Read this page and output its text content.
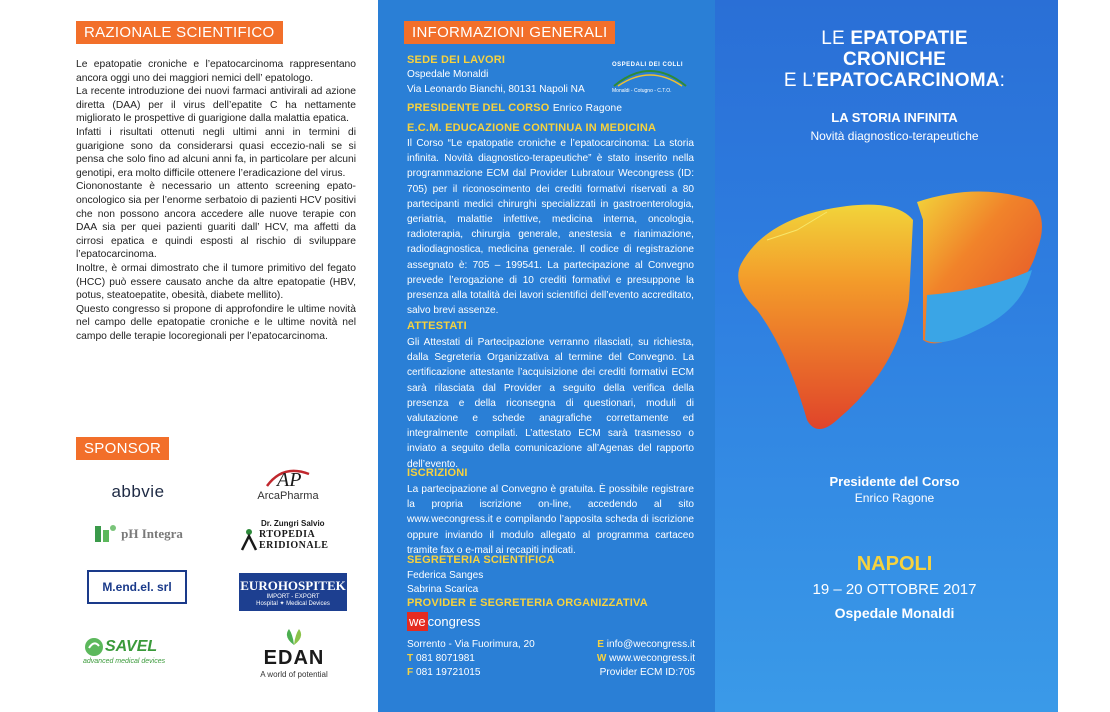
RAZIONALE SCIENTIFICO

Le epatopatie croniche e l’epatocarcinoma rappresentano ancora oggi uno dei maggiori nemici dell’ epatologo.

La recente introduzione dei nuovi farmaci antivirali ad azione diretta (DAA) per il virus dell’epatite C ha nettamente migliorato le prospettive di guarigione dalla malattia epatica.

Infatti i risultati ottenuti negli ultimi anni in termini di guarigione sono da considerarsi quasi eccezio-nali se si pensa che solo fino ad alcuni anni fa, in particolare per alcuni genotipi, era molto difficile ottenere l’eradicazione del virus.

Ciononostante è necessario un attento screening epato-oncologico sia per l’enorme serbatoio di pazienti HCV positivi che non possono ancora accedere alle nuove terapie con DAA sia per quei pazienti guariti dall’ HCV, ma affetti da cirrosi epatica e quindi esposti al rischio di sviluppare l’epatocarcinoma.

Inoltre, è ormai dimostrato che il tumore primitivo del fegato (HCC) può essere causato anche da altre epatopatie (HBV, potus, steatoepatite, obesità, diabete mellito).

Questo congresso si propone di approfondire le ultime novità nel campo delle epatopatie croniche e le ultime novità nel campo delle terapie locoregionali per l’epatocarcinoma.

SPONSOR
abbvie
AP
ArcaPharma
pH Integra
Dr. Zungri Salvio
RTOPEDIA
ERIDIONALE
M.end.el. srl	EUROHOSPITEK
IMPORT - EXPORT
Hospital ✦ Medical Devices
SAVEL
advanced medical devices	EDAN
A world of potential
INFORMAZIONI GENERALI
SEDE DEI LAVORI
Ospedale Monaldi
Via Leonardo Bianchi, 80131 Napoli NA
OSPEDALI DEI COLLI
Monaldi - Cotugno - C.T.O.
PRESIDENTE DEL CORSO Enrico Ragone
E.C.M. EDUCAZIONE CONTINUA IN MEDICINA

Il Corso “Le epatopatie croniche e l’epatocarcinoma: La storia infinita. Novità diagnostico-terapeutiche” è stato inserito nella programmazione ECM dal Provider Lubratour Wecongress (ID: 705) per il riconoscimento dei crediti formativi riservati a 80 partecipanti medici chirurghi specializzati in gastroenterologia, geriatria, malattie infettive, medicina interna, oncologia, radioterapia, chirurgia generale, anestesia e rianimazione, radiodiagnostica, medicina generale. Il codice di registrazione assegnato è: 705 – 199541. La partecipazione al Convegno prevede l’erogazione di 10 crediti formativi e presuppone la presenza alla totalità dei lavori scientifici dell’evento accreditato, salvo brevi assenze.

ATTESTATI

Gli Attestati di Partecipazione verranno rilasciati, su richiesta, dalla Segreteria Organizzativa al termine del Convegno. La certificazione attestante l’acquisizione dei crediti formativi ECM sarà rilasciata dal Provider a seguito della verifica della presenza e della riconsegna di questionari, moduli di valutazione e schede anagrafiche correttamente ed integralmente compilati. L’attestato ECM sarà trasmesso o inviato a seguito della comunicazione all’Agenas del rapporto dell’evento.

ISCRIZIONI

La partecipazione al Convegno è gratuita. È possibile registrare la propria iscrizione on-line, accedendo al sito www.wecongress.it e compilando l’apposita scheda di iscrizione oppure inviando il modulo allegato al programma cartaceo tramite fax o e-mail ai recapiti indicati.

SEGRETERIA SCIENTIFICA
Federica Sanges
Sabrina Scarica
PROVIDER E SEGRETERIA ORGANIZZATIVA
we congress
Sorrento - Via Fuorimura, 20
T 081 8071981
F 081 19721015
E info@wecongress.it
W www.wecongress.it
Provider ECM ID:705
LE EPATOPATIE
CRONICHE
E L’EPATOCARCINOMA:
LA STORIA INFINITA
Novità diagnostico-terapeutiche
Presidente del Corso
Enrico Ragone
NAPOLI
19 – 20 OTTOBRE 2017
Ospedale Monaldi
